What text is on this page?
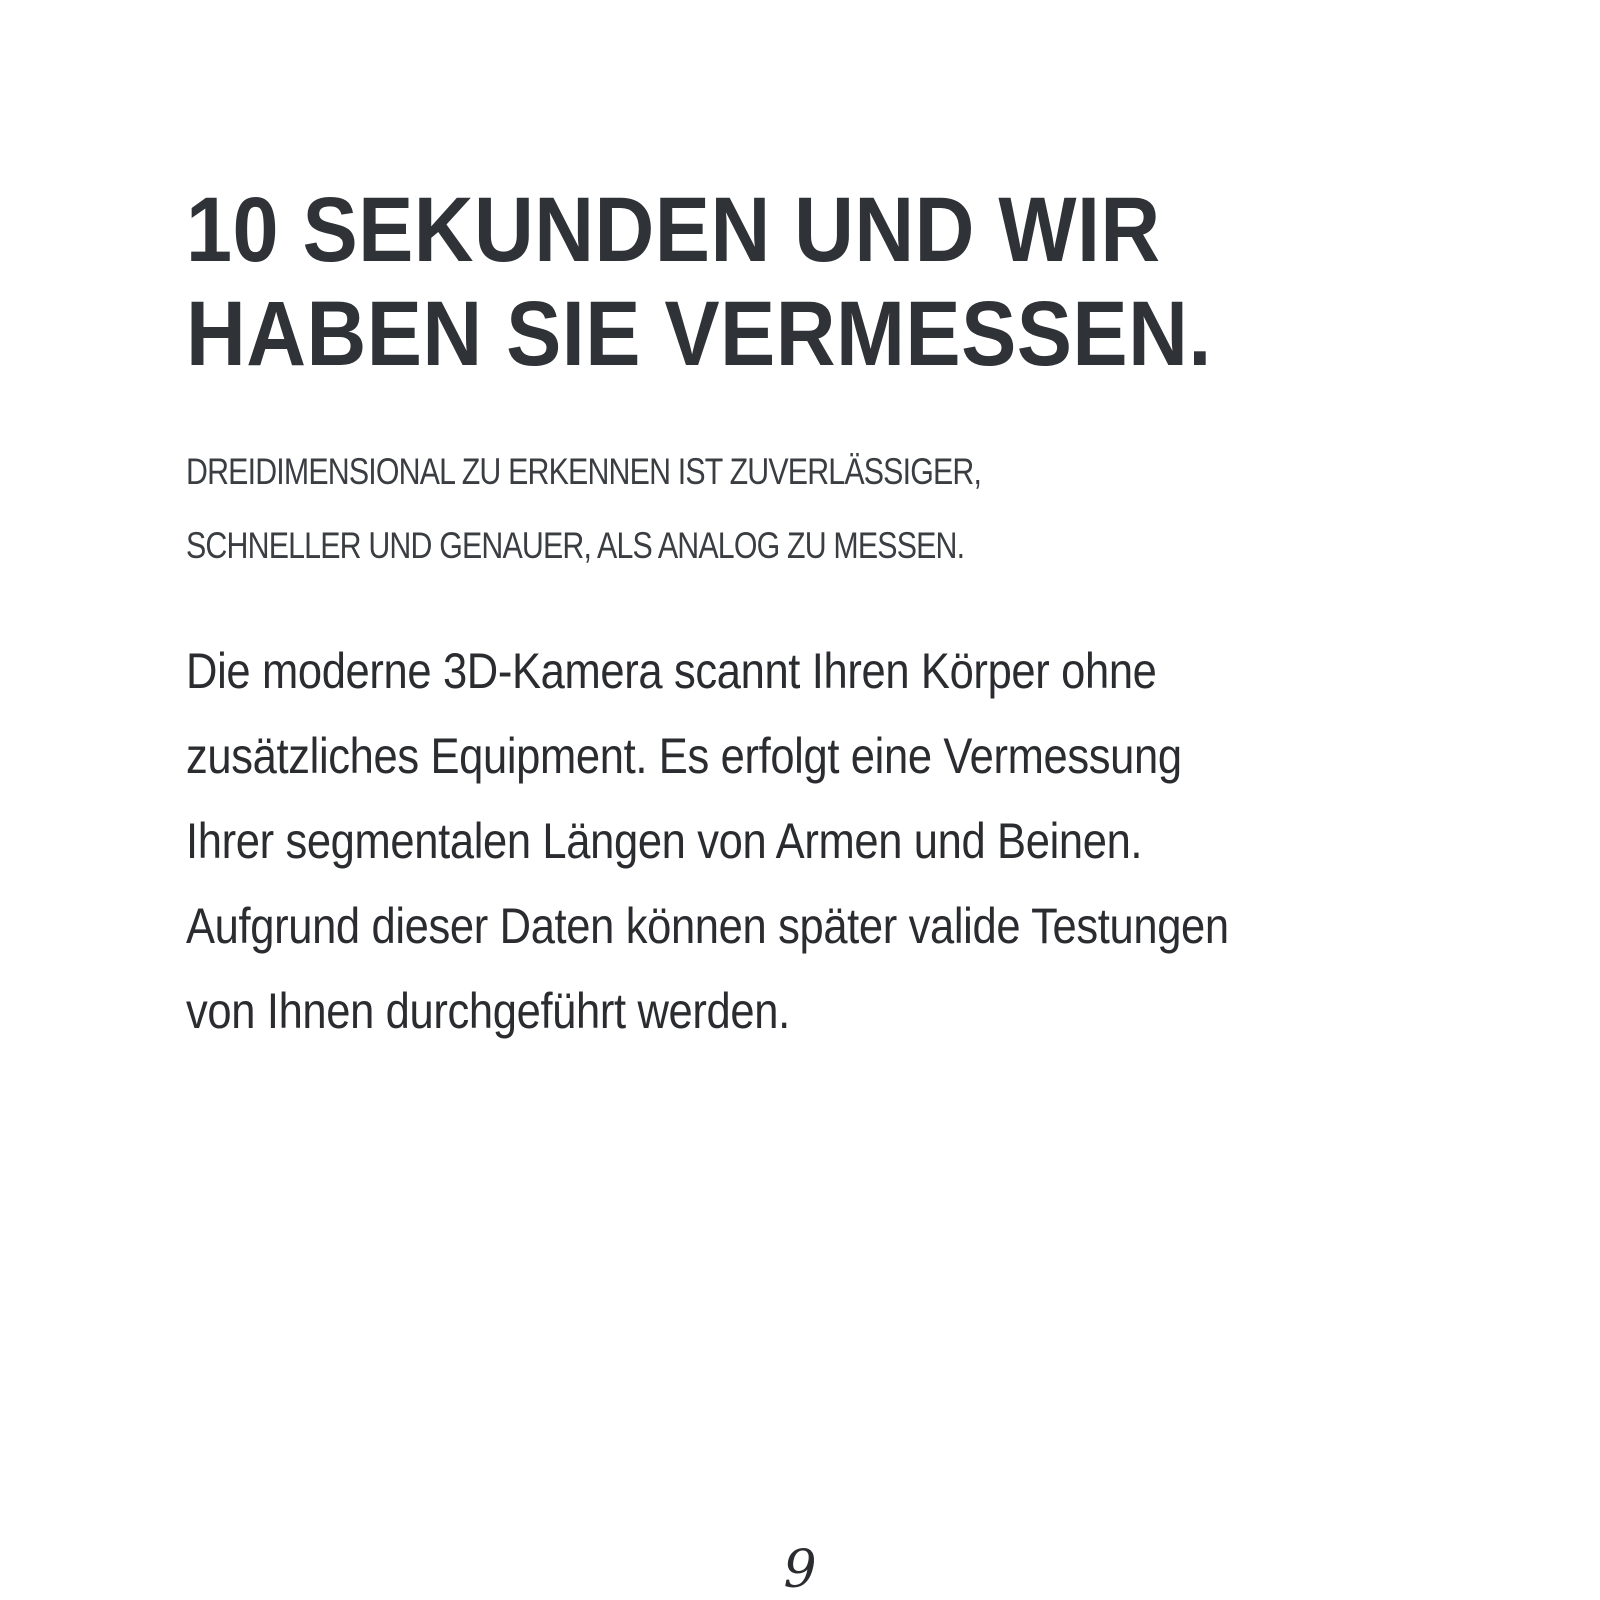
10 SEKUNDEN UND WIR
HABEN SIE VERMESSEN.

DREIDIMENSIONAL ZU ERKENNEN IST ZUVERLÄSSIGER,
SCHNELLER UND GENAUER, ALS ANALOG ZU MESSEN.

Die moderne 3D-Kamera scannt Ihren Körper ohne
zusätzliches Equipment. Es erfolgt eine Vermessung
Ihrer segmentalen Längen von Armen und Beinen.
Aufgrund dieser Daten können später valide Testungen
von Ihnen durchgeführt werden.

9
